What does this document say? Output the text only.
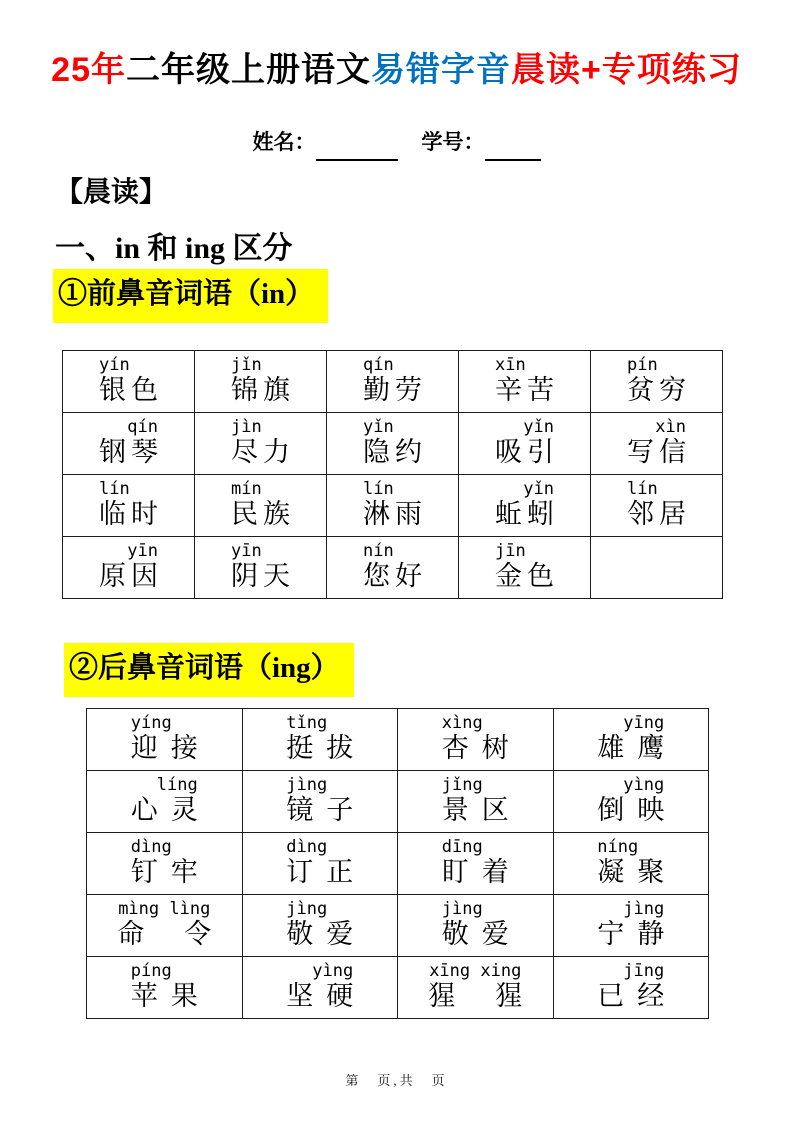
25年二年级上册语文易错字音晨读+专项练习
姓名：	学号：
【晨读】
一、in 和 ing 区分
①前鼻音词语（in）
yín
银色
jǐn
锦旗
qín
勤劳
xīn
辛苦
pín
贫穷
qín
钢琴
jìn
尽力
yǐn
隐约
yǐn
吸引
xìn
写信
lín
临时
mín
民族
lín
淋雨
yǐn
蚯蚓
lín
邻居
yīn
原因
yīn
阴天
nín
您好
jīn
金色
②后鼻音词语（ing）
yíng
迎接
tǐng
挺拔
xìng
杏树
yīng
雄鹰
líng
心灵
jìng
镜子
jǐng
景区
yìng
倒映
dìng
钉牢
dìng
订正
dīng
盯着
níng
凝聚
mìng lìng
命令
jìng
敬爱
jìng
敬爱
jìng
宁静
píng
苹果
yìng
坚硬
xīng xing
猩猩
jīng
已经
第　页,共　页
